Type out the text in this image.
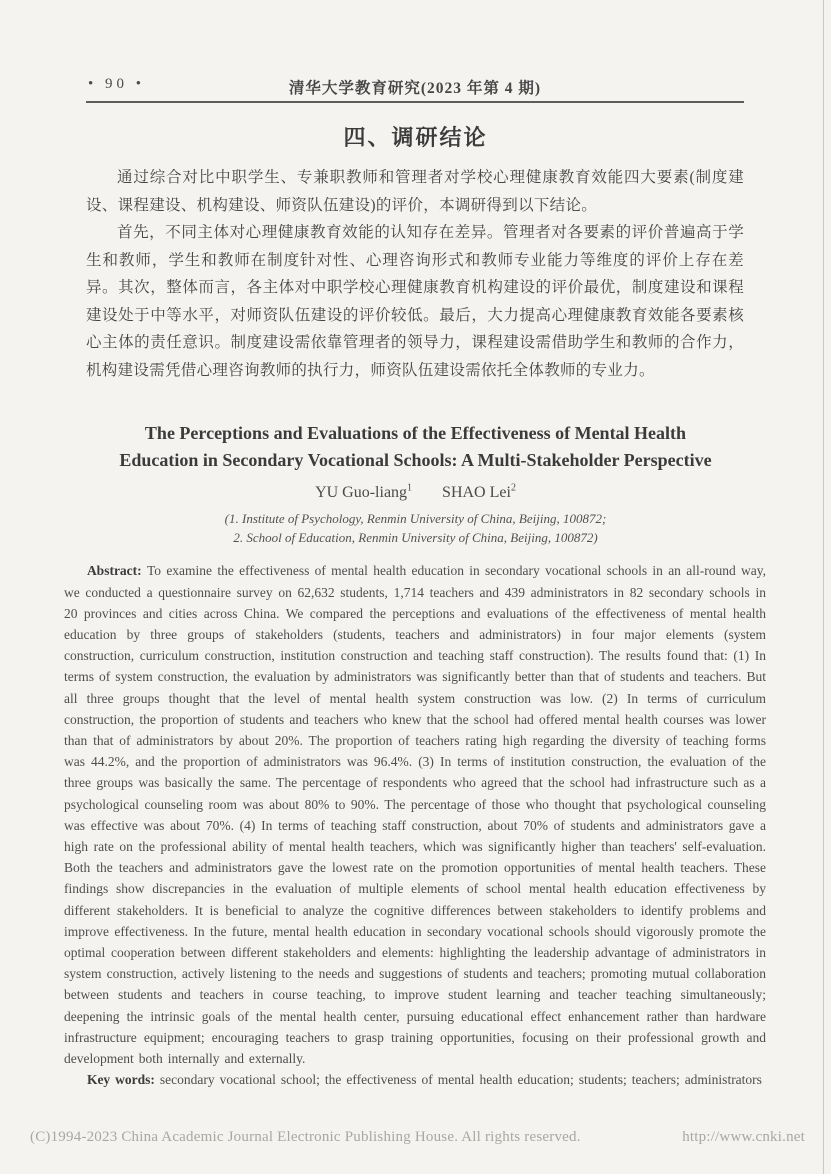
• 90 •	清华大学教育研究(2023 年第 4 期)
四、调研结论

通过综合对比中职学生、专兼职教师和管理者对学校心理健康教育效能四大要素(制度建设、课程建设、机构建设、师资队伍建设)的评价，本调研得到以下结论。

首先，不同主体对心理健康教育效能的认知存在差异。管理者对各要素的评价普遍高于学生和教师，学生和教师在制度针对性、心理咨询形式和教师专业能力等维度的评价上存在差异。其次，整体而言，各主体对中职学校心理健康教育机构建设的评价最优，制度建设和课程建设处于中等水平，对师资队伍建设的评价较低。最后，大力提高心理健康教育效能各要素核心主体的责任意识。制度建设需依靠管理者的领导力，课程建设需借助学生和教师的合作力，机构建设需凭借心理咨询教师的执行力，师资队伍建设需依托全体教师的专业力。

The Perceptions and Evaluations of the Effectiveness of Mental Health Education in Secondary Vocational Schools: A Multi-Stakeholder Perspective
YU Guo-liang$^1$ SHAO Lei$^2$
(1. Institute of Psychology, Renmin University of China, Beijing, 100872;
2. School of Education, Renmin University of China, Beijing, 100872)

Abstract: To examine the effectiveness of mental health education in secondary vocational schools in an all-round way, we conducted a questionnaire survey on 62,632 students, 1,714 teachers and 439 administrators in 82 secondary schools in 20 provinces and cities across China. We compared the perceptions and evaluations of the effectiveness of mental health education by three groups of stakeholders (students, teachers and administrators) in four major elements (system construction, curriculum construction, institution construction and teaching staff construction). The results found that: (1) In terms of system construction, the evaluation by administrators was significantly better than that of students and teachers. But all three groups thought that the level of mental health system construction was low. (2) In terms of curriculum construction, the proportion of students and teachers who knew that the school had offered mental health courses was lower than that of administrators by about 20%. The proportion of teachers rating high regarding the diversity of teaching forms was 44.2%, and the proportion of administrators was 96.4%. (3) In terms of institution construction, the evaluation of the three groups was basically the same. The percentage of respondents who agreed that the school had infrastructure such as a psychological counseling room was about 80% to 90%. The percentage of those who thought that psychological counseling was effective was about 70%. (4) In terms of teaching staff construction, about 70% of students and administrators gave a high rate on the professional ability of mental health teachers, which was significantly higher than teachers' self-evaluation. Both the teachers and administrators gave the lowest rate on the promotion opportunities of mental health teachers. These findings show discrepancies in the evaluation of multiple elements of school mental health education effectiveness by different stakeholders. It is beneficial to analyze the cognitive differences between stakeholders to identify problems and improve effectiveness. In the future, mental health education in secondary vocational schools should vigorously promote the optimal cooperation between different stakeholders and elements: highlighting the leadership advantage of administrators in system construction, actively listening to the needs and suggestions of students and teachers; promoting mutual collaboration between students and teachers in course teaching, to improve student learning and teacher teaching simultaneously; deepening the intrinsic goals of the mental health center, pursuing educational effect enhancement rather than hardware infrastructure equipment; encouraging teachers to grasp training opportunities, focusing on their professional growth and development both internally and externally.

Key words: secondary vocational school; the effectiveness of mental health education; students; teachers; administrators

(C)1994-2023 China Academic Journal Electronic Publishing House. All rights reserved.	http://www.cnki.net
